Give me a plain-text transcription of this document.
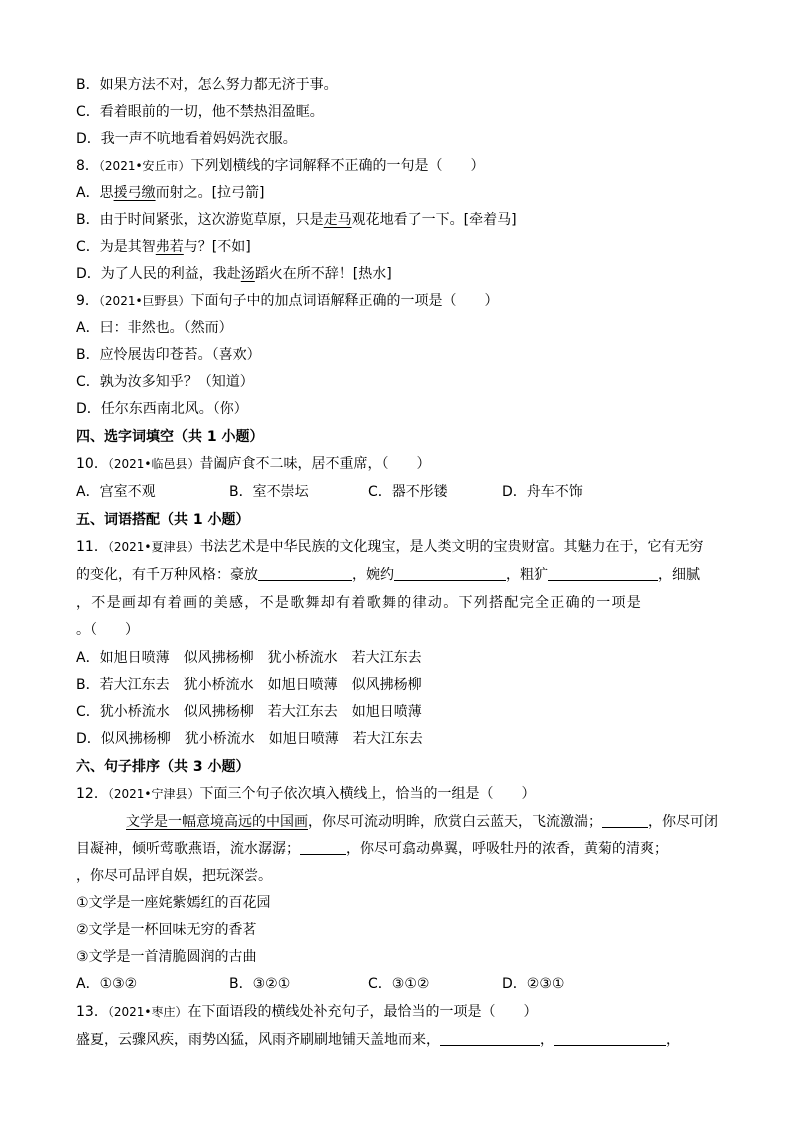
B．如果方法不对，怎么努力都无济于事。
C．看着眼前的一切，他不禁热泪盈眶。
D．我一声不吭地看着妈妈洗衣服。
8．（2021•安丘市）下列划横线的字词解释不正确的一句是（　　）
A．思援弓缴而射之。[拉弓箭]
B．由于时间紧张，这次游览草原，只是走马观花地看了一下。[牵着马]
C．为是其智弗若与？[不如]
D．为了人民的利益，我赴汤蹈火在所不辞！[热水]
9．（2021•巨野县）下面句子中的加点词语解释正确的一项是（　　）
A．曰：非然也。（然而）
B．应怜展齿印苍苔。（喜欢）
C．孰为汝多知乎？（知道）
D．任尔东西南北风。（你）
四、选字词填空（共 1 小题）
10．（2021•临邑县）昔阖庐食不二味，居不重席，（　　）
A．宫室不观	B．室不崇坛	C．器不彤镂	D．舟车不饰
五、词语搭配（共 1 小题）
11．（2021•夏津县）书法艺术是中华民族的文化瑰宝，是人类文明的宝贵财富。其魅力在于，它有无穷
的变化，有千万种风格：豪放	，婉约	，粗犷	，细腻
，不是画却有着画的美感，不是歌舞却有着歌舞的律动。下列搭配完全正确的一项是
。（　　）
A．如旭日喷薄　似风拂杨柳　犹小桥流水　若大江东去
B．若大江东去　犹小桥流水　如旭日喷薄　似风拂杨柳
C．犹小桥流水　似风拂杨柳　若大江东去　如旭日喷薄
D．似风拂杨柳　犹小桥流水　如旭日喷薄　若大江东去
六、句子排序（共 3 小题）
12．（2021•宁津县）下面三个句子依次填入横线上，恰当的一组是（　　）
文学是一幅意境高远的中国画，你尽可流动明眸，欣赏白云蓝天，飞流激湍；	，你尽可闭
目凝神，倾听莺歌燕语，流水潺潺；	，你尽可翕动鼻翼，呼吸牡丹的浓香，黄菊的清爽；
，你尽可品评自娱，把玩深尝。
①文学是一座姹紫嫣红的百花园
②文学是一杯回味无穷的香茗
③文学是一首清脆圆润的古曲
A．①③②	B．③②①	C．③①②	D．②③①
13．（2021•枣庄）在下面语段的横线处补充句子，最恰当的一项是（　　）
盛夏，云骤风疾，雨势凶猛，风雨齐刷刷地铺天盖地而来，	，	，
